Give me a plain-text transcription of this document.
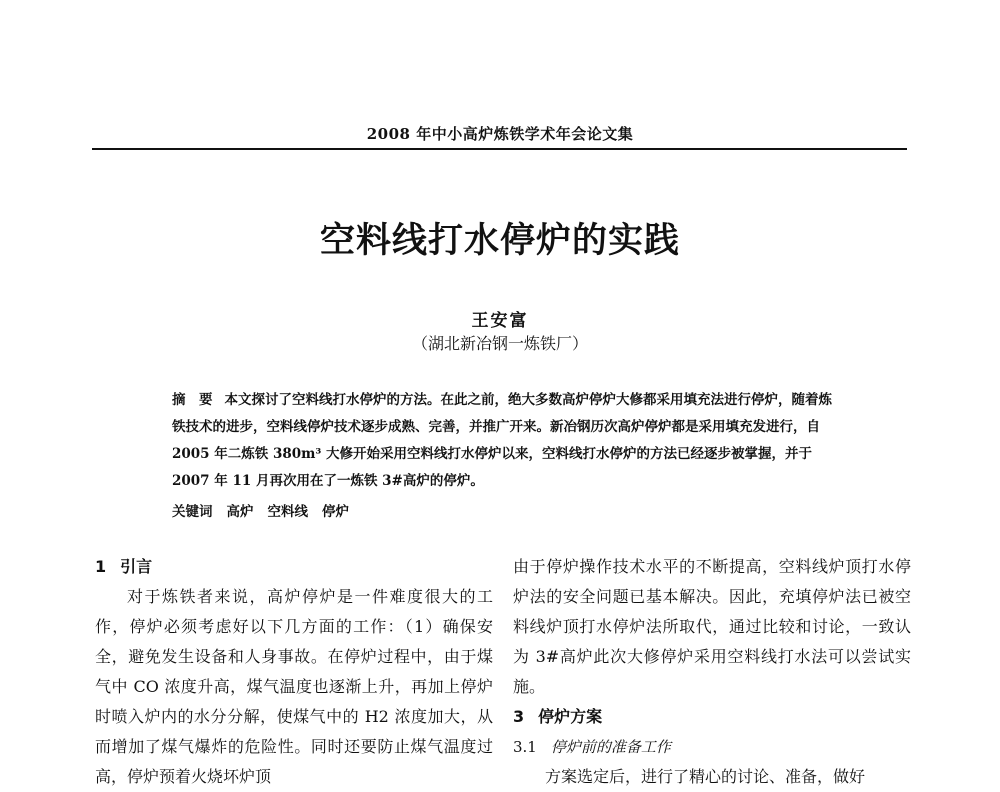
2008 年中小高炉炼铁学术年会论文集
空料线打水停炉的实践
王安富
（湖北新冶钢一炼铁厂）
摘　要 本文探讨了空料线打水停炉的方法。在此之前，绝大多数高炉停炉大修都采用填充法进行停炉，随着炼铁技术的进步，空料线停炉技术逐步成熟、完善，并推广开来。新冶钢历次高炉停炉都是采用填充发进行，自 2005 年二炼铁 380m³ 大修开始采用空料线打水停炉以来，空料线打水停炉的方法已经逐步被掌握，并于 2007 年 11 月再次用在了一炼铁 3#高炉的停炉。
关键词 高炉 空料线 停炉
1 引言

对于炼铁者来说，高炉停炉是一件难度很大的工作，停炉必须考虑好以下几方面的工作：（1）确保安全，避免发生设备和人身事故。在停炉过程中，由于煤气中 CO 浓度升高，煤气温度也逐渐上升，再加上停炉时喷入炉内的水分分解，使煤气中的 H2 浓度加大，从而增加了煤气爆炸的危险性。同时还要防止煤气温度过高，停炉预着火烧坏炉顶

由于停炉操作技术水平的不断提高，空料线炉顶打水停炉法的安全问题已基本解决。因此，充填停炉法已被空料线炉顶打水停炉法所取代，通过比较和讨论，一致认为 3#高炉此次大修停炉采用空料线打水法可以尝试实施。

3 停炉方案
3.1 停炉前的准备工作

方案选定后，进行了精心的讨论、准备，做好
